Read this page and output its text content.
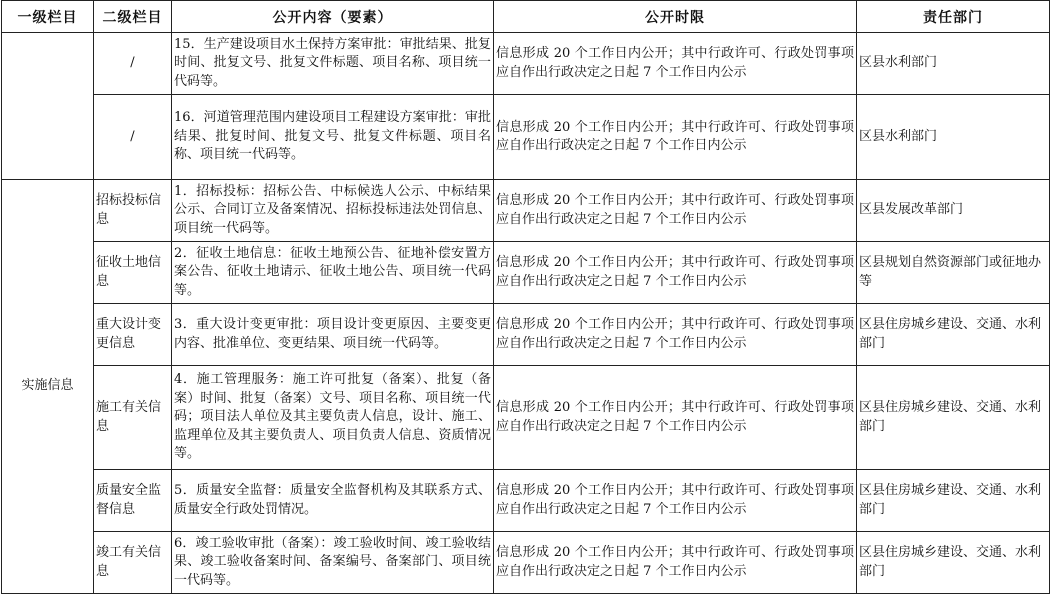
一级栏目	二级栏目	公开内容（要素）	公开时限	责任部门
	/	15．生产建设项目水土保持方案审批：审批结果、批复时间、批复文号、批复文件标题、项目名称、项目统一代码等。	信息形成 20 个工作日内公开；其中行政许可、行政处罚事项应自作出行政决定之日起 7 个工作日内公示	区县水利部门
	/	16．河道管理范围内建设项目工程建设方案审批：审批结果、批复时间、批复文号、批复文件标题、项目名称、项目统一代码等。	信息形成 20 个工作日内公开；其中行政许可、行政处罚事项应自作出行政决定之日起 7 个工作日内公示	区县水利部门
实施信息	招标投标信息	1．招标投标：招标公告、中标候选人公示、中标结果公示、合同订立及备案情况、招标投标违法处罚信息、项目统一代码等。	信息形成 20 个工作日内公开；其中行政许可、行政处罚事项应自作出行政决定之日起 7 个工作日内公示	区县发展改革部门
	征收土地信息	2．征收土地信息：征收土地预公告、征地补偿安置方案公告、征收土地请示、征收土地公告、项目统一代码等。	信息形成 20 个工作日内公开；其中行政许可、行政处罚事项应自作出行政决定之日起 7 个工作日内公示	区县规划自然资源部门或征地办等
	重大设计变更信息	3．重大设计变更审批：项目设计变更原因、主要变更内容、批准单位、变更结果、项目统一代码等。	信息形成 20 个工作日内公开；其中行政许可、行政处罚事项应自作出行政决定之日起 7 个工作日内公示	区县住房城乡建设、交通、水利部门
	施工有关信息	4．施工管理服务：施工许可批复（备案）、批复（备案）时间、批复（备案）文号、项目名称、项目统一代码；项目法人单位及其主要负责人信息，设计、施工、监理单位及其主要负责人、项目负责人信息、资质情况等。	信息形成 20 个工作日内公开；其中行政许可、行政处罚事项应自作出行政决定之日起 7 个工作日内公示	区县住房城乡建设、交通、水利部门
	质量安全监督信息	5．质量安全监督：质量安全监督机构及其联系方式、质量安全行政处罚情况。	信息形成 20 个工作日内公开；其中行政许可、行政处罚事项应自作出行政决定之日起 7 个工作日内公示	区县住房城乡建设、交通、水利部门
	竣工有关信息	6．竣工验收审批（备案）：竣工验收时间、竣工验收结果、竣工验收备案时间、备案编号、备案部门、项目统一代码等。	信息形成 20 个工作日内公开；其中行政许可、行政处罚事项应自作出行政决定之日起 7 个工作日内公示	区县住房城乡建设、交通、水利部门
